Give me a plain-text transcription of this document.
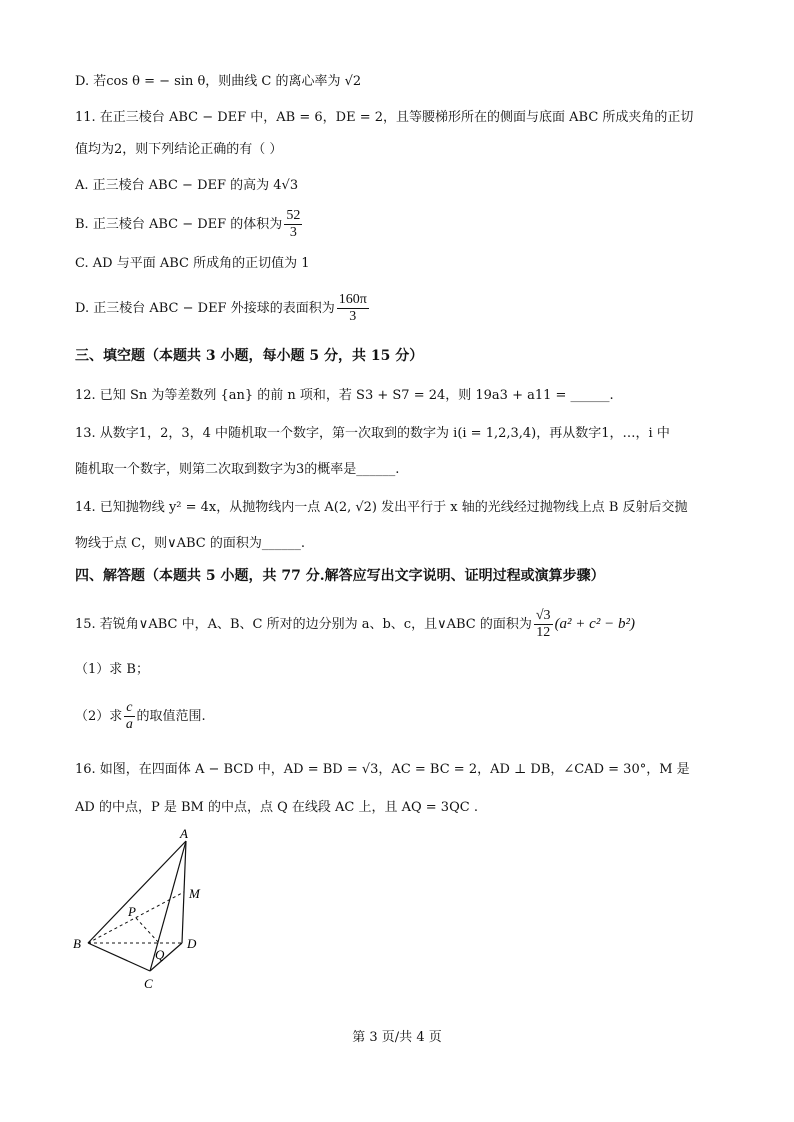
D. 若cos θ = − sin θ，则曲线 C 的离心率为 √2
11. 在正三棱台 ABC − DEF 中，AB = 6，DE = 2，且等腰梯形所在的侧面与底面 ABC 所成夹角的正切
值均为2，则下列结论正确的有（ ）
A. 正三棱台 ABC − DEF 的高为 4√3
B. 正三棱台 ABC − DEF 的体积为 $\frac{52}{3}$
C. AD 与平面 ABC 所成角的正切值为 1
D. 正三棱台 ABC − DEF 外接球的表面积为 $\frac{160\pi}{3}$
三、填空题（本题共 3 小题，每小题 5 分，共 15 分）
12. 已知 Sn 为等差数列 {an} 的前 n 项和，若 S3 + S7 = 24，则 19a3 + a11 = ______.
13. 从数字1，2，3，4 中随机取一个数字，第一次取到的数字为 i(i = 1,2,3,4)，再从数字1，…，i 中
随机取一个数字，则第二次取到数字为3的概率是______.
14. 已知抛物线 y² = 4x，从抛物线内一点 A(2, √2) 发出平行于 x 轴的光线经过抛物线上点 B 反射后交抛
物线于点 C，则∨ABC 的面积为______.
四、解答题（本题共 5 小题，共 77 分.解答应写出文字说明、证明过程或演算步骤）
15. 若锐角∨ABC 中，A、B、C 所对的边分别为 a、b、c，且∨ABC 的面积为 $\frac{√3}{12} (a^2 + c^2 - b^2)$
（1）求 B；
（2）求 $\frac{c}{a}$ 的取值范围.
16. 如图，在四面体 A − BCD 中，AD = BD = √3，AC = BC = 2，AD ⊥ DB，∠CAD = 30°，M 是
AD 的中点，P 是 BM 的中点，点 Q 在线段 AC 上，且 AQ = 3QC .
A
M
P
B	D
Q
C
第 3 页/共 4 页
